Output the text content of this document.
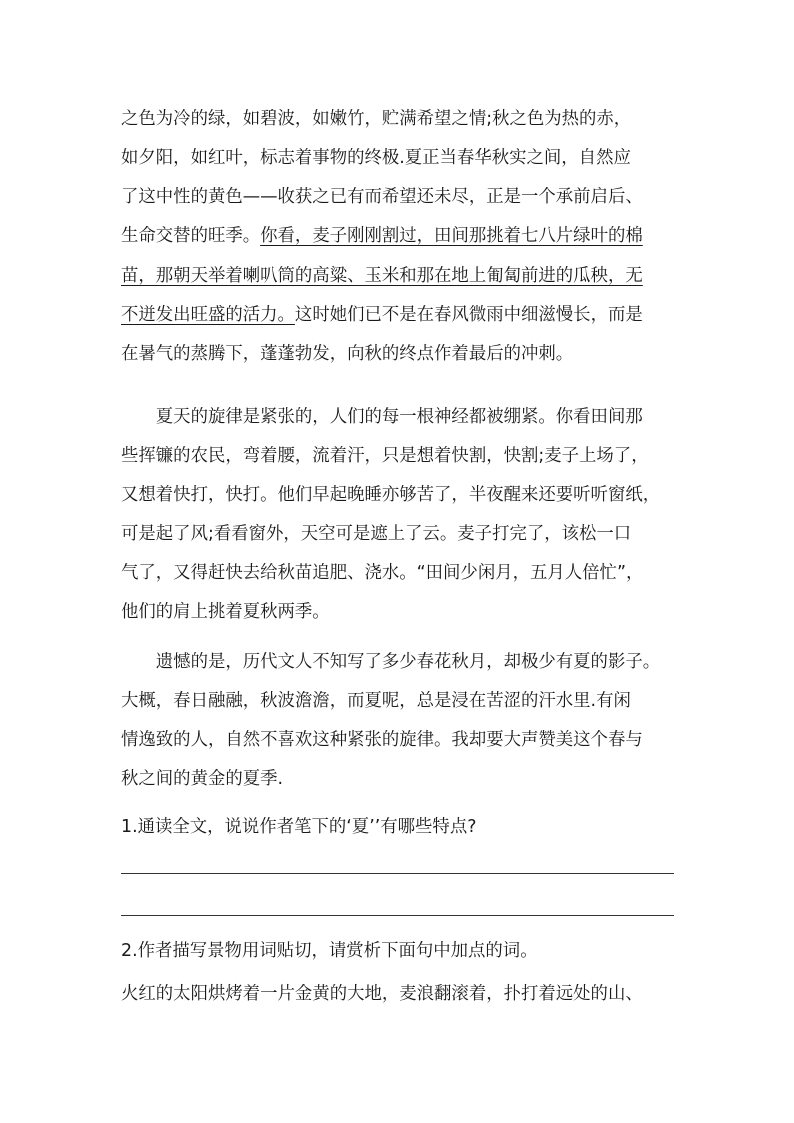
之色为冷的绿，如碧波，如嫩竹，贮满希望之情;秋之色为热的赤，
如夕阳，如红叶，标志着事物的终极.夏正当春华秋实之间，自然应
了这中性的黄色——收获之已有而希望还未尽，正是一个承前启后、
生命交替的旺季。你看，麦子刚刚割过，田间那挑着七八片绿叶的棉
苗，那朝天举着喇叭筒的高粱、玉米和那在地上匍匐前进的瓜秧，无
不迸发出旺盛的活力。这时她们已不是在春风微雨中细滋慢长，而是
在暑气的蒸腾下，蓬蓬勃发，向秋的终点作着最后的冲刺。
　　夏天的旋律是紧张的，人们的每一根神经都被绷紧。你看田间那
些挥镰的农民，弯着腰，流着汗，只是想着快割，快割;麦子上场了，
又想着快打，快打。他们早起晚睡亦够苦了，半夜醒来还要听听窗纸，
可是起了风;看看窗外，天空可是遮上了云。麦子打完了，该松一口
气了，又得赶快去给秋苗追肥、浇水。“田间少闲月，五月人倍忙”，
他们的肩上挑着夏秋两季。
　　遗憾的是，历代文人不知写了多少春花秋月，却极少有夏的影子。
大概，春日融融，秋波澹澹，而夏呢，总是浸在苦涩的汗水里.有闲
情逸致的人，自然不喜欢这种紧张的旋律。我却要大声赞美这个春与
秋之间的黄金的夏季.
1.通读全文，说说作者笔下的‘夏’’有哪些特点?
2.作者描写景物用词贴切，请赏析下面句中加点的词。
火红的太阳烘烤着一片金黄的大地，麦浪翻滚着，扑打着远处的山、
